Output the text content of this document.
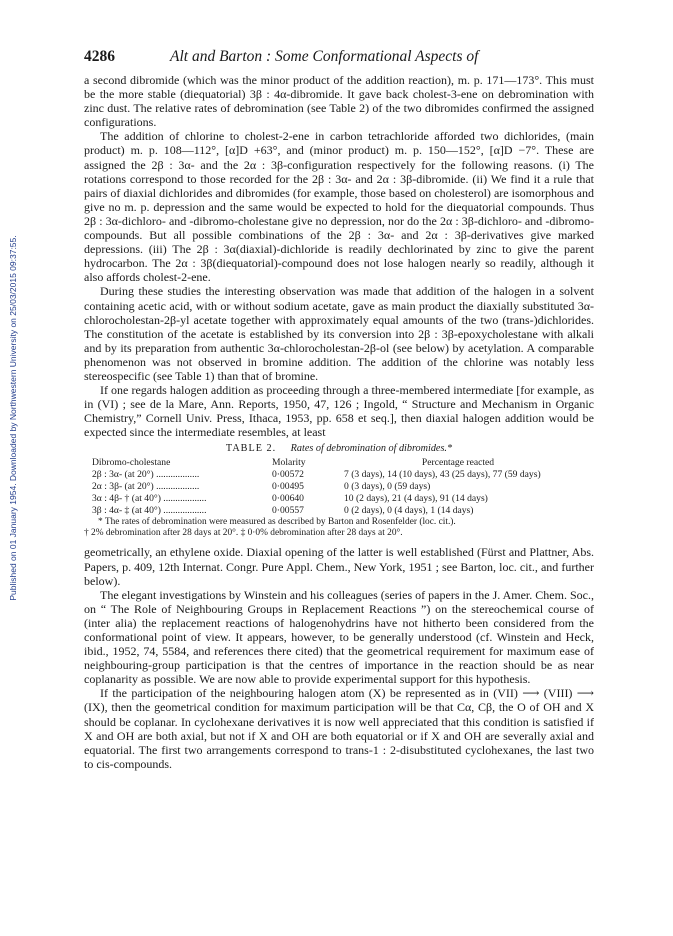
Published on 01 January 1954. Downloaded by Northwestern University on 25/03/2015 09:37:55.
4286	Alt and Barton : Some Conformational Aspects of

a second dibromide (which was the minor product of the addition reaction), m. p. 171—173°. This must be the more stable (diequatorial) 3β : 4α-dibromide. It gave back cholest-3-ene on debromination with zinc dust. The relative rates of debromination (see Table 2) of the two dibromides confirmed the assigned configurations.

The addition of chlorine to cholest-2-ene in carbon tetrachloride afforded two dichlorides, (main product) m. p. 108—112°, [α]D +63°, and (minor product) m. p. 150—152°, [α]D −7°. These are assigned the 2β : 3α- and the 2α : 3β-configuration respectively for the following reasons. (i) The rotations correspond to those recorded for the 2β : 3α- and 2α : 3β-dibromide. (ii) We find it a rule that pairs of diaxial dichlorides and dibromides (for example, those based on cholesterol) are isomorphous and give no m. p. depression and the same would be expected to hold for the diequatorial compounds. Thus 2β : 3α-dichloro- and -dibromo-cholestane give no depression, nor do the 2α : 3β-dichloro- and -dibromo-compounds. But all possible combinations of the 2β : 3α- and 2α : 3β-derivatives give marked depressions. (iii) The 2β : 3α(diaxial)-dichloride is readily dechlorinated by zinc to give the parent hydrocarbon. The 2α : 3β(diequatorial)-compound does not lose halogen nearly so readily, although it also affords cholest-2-ene.

During these studies the interesting observation was made that addition of the halogen in a solvent containing acetic acid, with or without sodium acetate, gave as main product the diaxially substituted 3α-chlorocholestan-2β-yl acetate together with approximately equal amounts of the two (trans-)dichlorides. The constitution of the acetate is established by its conversion into 2β : 3β-epoxycholestane with alkali and by its preparation from authentic 3α-chlorocholestan-2β-ol (see below) by acetylation. A comparable phenomenon was not observed in bromine addition. The addition of the chlorine was notably less stereospecific (see Table 1) than that of bromine.

If one regards halogen addition as proceeding through a three-membered intermediate [for example, as in (VI) ; see de la Mare, Ann. Reports, 1950, 47, 126 ; Ingold, “ Structure and Mechanism in Organic Chemistry,” Cornell Univ. Press, Ithaca, 1953, pp. 658 et seq.], then diaxial halogen addition would be expected since the intermediate resembles, at least

TABLE 2. Rates of debromination of dibromides.*
Dibromo-cholestane	Molarity	Percentage reacted
2β : 3α- (at 20°) ..................	0·00572	7 (3 days), 14 (10 days), 43 (25 days), 77 (59 days)
2α : 3β- (at 20°) ..................	0·00495	0 (3 days), 0 (59 days)
3α : 4β- † (at 40°) ..................	0·00640	10 (2 days), 21 (4 days), 91 (14 days)
3β : 4α- ‡ (at 40°) ..................	0·00557	0 (2 days), 0 (4 days), 1 (14 days)
* The rates of debromination were measured as described by Barton and Rosenfelder (loc. cit.).
† 2% debromination after 28 days at 20°. ‡ 0·0% debromination after 28 days at 20°.

geometrically, an ethylene oxide. Diaxial opening of the latter is well established (Fürst and Plattner, Abs. Papers, p. 409, 12th Internat. Congr. Pure Appl. Chem., New York, 1951 ; see Barton, loc. cit., and further below).

The elegant investigations by Winstein and his colleagues (series of papers in the J. Amer. Chem. Soc., on “ The Role of Neighbouring Groups in Replacement Reactions ”) on the stereochemical course of (inter alia) the replacement reactions of halogenohydrins have not hitherto been considered from the conformational point of view. It appears, however, to be generally understood (cf. Winstein and Heck, ibid., 1952, 74, 5584, and references there cited) that the geometrical requirement for maximum ease of neighbouring-group participation is that the centres of importance in the reaction should be as near coplanarity as possible. We are now able to provide experimental support for this hypothesis.

If the participation of the neighbouring halogen atom (X) be represented as in (VII) ⟶ (VIII) ⟶ (IX), then the geometrical condition for maximum participation will be that Cα, Cβ, the O of OH and X should be coplanar. In cyclohexane derivatives it is now well appreciated that this condition is satisfied if X and OH are both axial, but not if X and OH are both equatorial or if X and OH are severally axial and equatorial. The first two arrangements correspond to trans-1 : 2-disubstituted cyclohexanes, the last two to cis-compounds.
